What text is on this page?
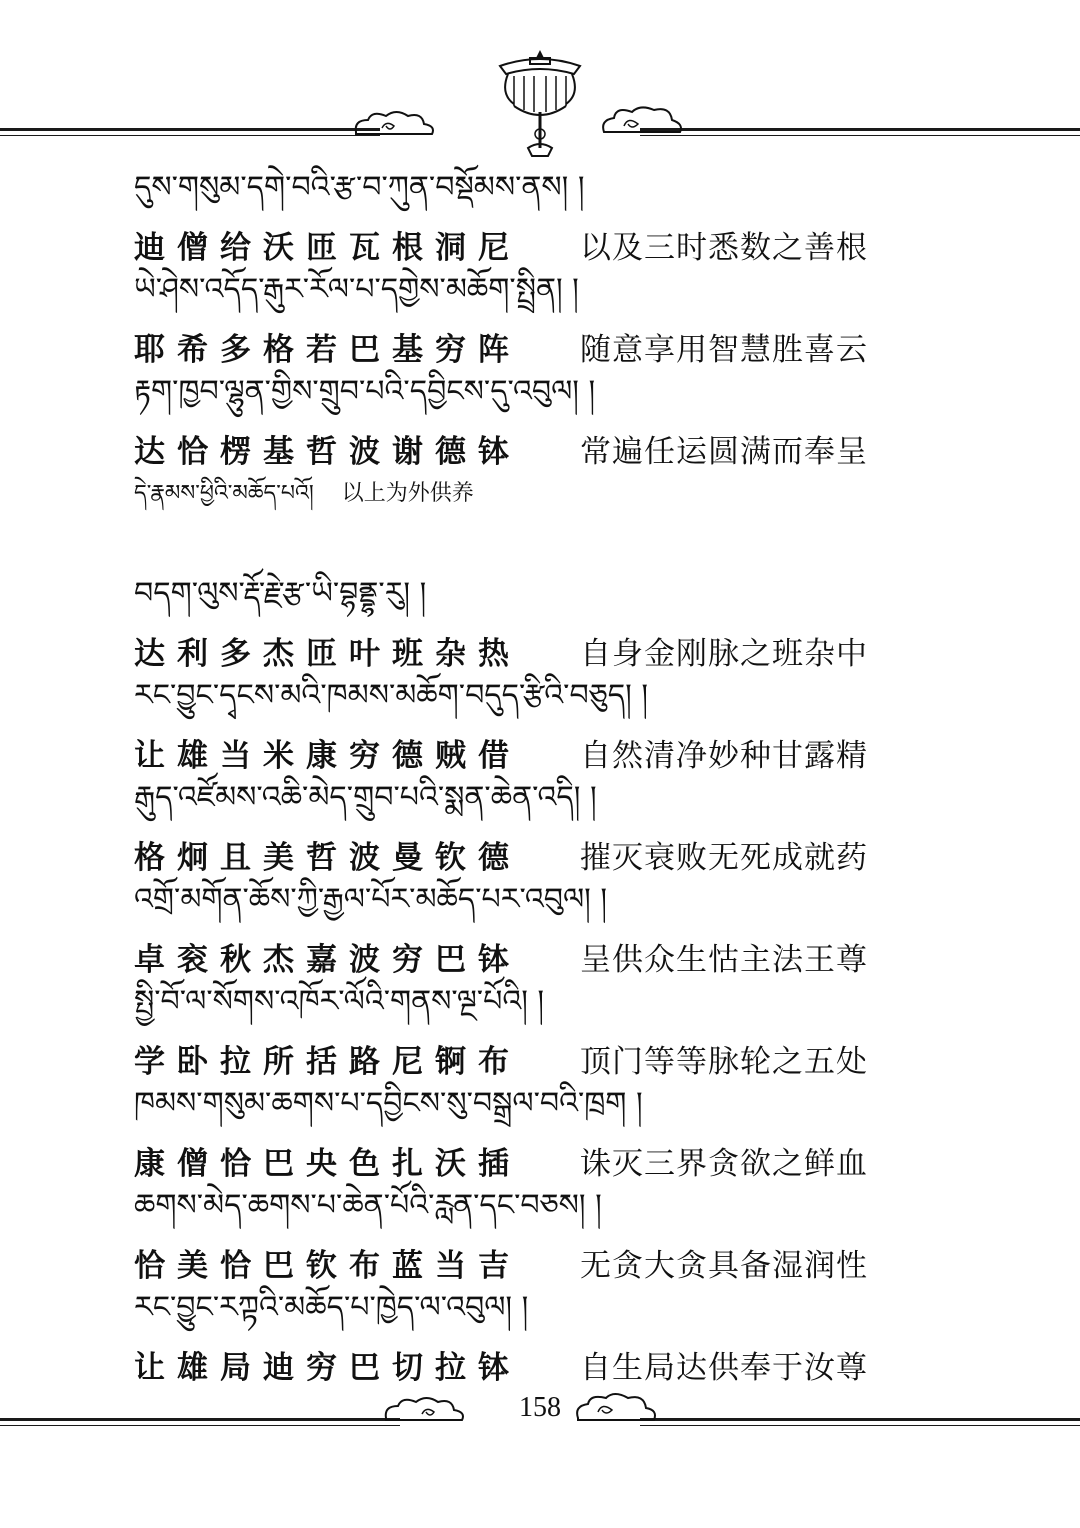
དུས་གསུམ་དགེ་བའི་རྩ་བ་ཀུན་བསྡོམས་ནས། །
迪僧给沃匝瓦根洞尼 以及三时悉数之善根
ཡེ་ཤེས་འདོད་རྒུར་རོལ་པ་དགྱེས་མཆོག་སྤྲིན། །
耶希多格若巴基穷阵 随意享用智慧胜喜云
རྟག་ཁྱབ་ལྷུན་གྱིས་གྲུབ་པའི་དབྱིངས་དུ་འབུལ། །
达恰楞基哲波谢德钵 常遍任运圆满而奉呈
དེ་རྣམས་ཕྱིའི་མཆོད་པའོ། 以上为外供养
བདག་ལུས་རྡོ་རྗེ་རྩ་ཡི་བྷནྡྷ་རུ། །
达利多杰匝叶班杂热 自身金刚脉之班杂中
རང་བྱུང་དྭངས་མའི་ཁམས་མཆོག་བདུད་རྩིའི་བཅུད། །
让雄当米康穷德贼借 自然清净妙种甘露精
རྒུད་འཛོམས་འཆི་མེད་གྲུབ་པའི་སྨན་ཆེན་འདི། །
格炯且美哲波曼钦德 摧灭衰败无死成就药
འགྲོ་མགོན་ཆོས་ཀྱི་རྒྱལ་པོར་མཆོད་པར་འབུལ། །
卓衮秋杰嘉波穷巴钵 呈供众生怙主法王尊
སྤྱི་བོ་ལ་སོགས་འཁོར་ལོའི་གནས་ལྔ་པོའི། །
学卧拉所括路尼锕布 顶门等等脉轮之五处
ཁམས་གསུམ་ཆགས་པ་དབྱིངས་སུ་བསྒྲལ་བའི་ཁྲག །
康僧恰巴央色扎沃插 诛灭三界贪欲之鲜血
ཆགས་མེད་ཆགས་པ་ཆེན་པོའི་རླན་དང་བཅས། །
恰美恰巴钦布蓝当吉 无贪大贪具备湿润性
རང་བྱུང་རཀྟའི་མཆོད་པ་ཁྱེད་ལ་འབུལ། །
让雄局迪穷巴切拉钵 自生局达供奉于汝尊
158
